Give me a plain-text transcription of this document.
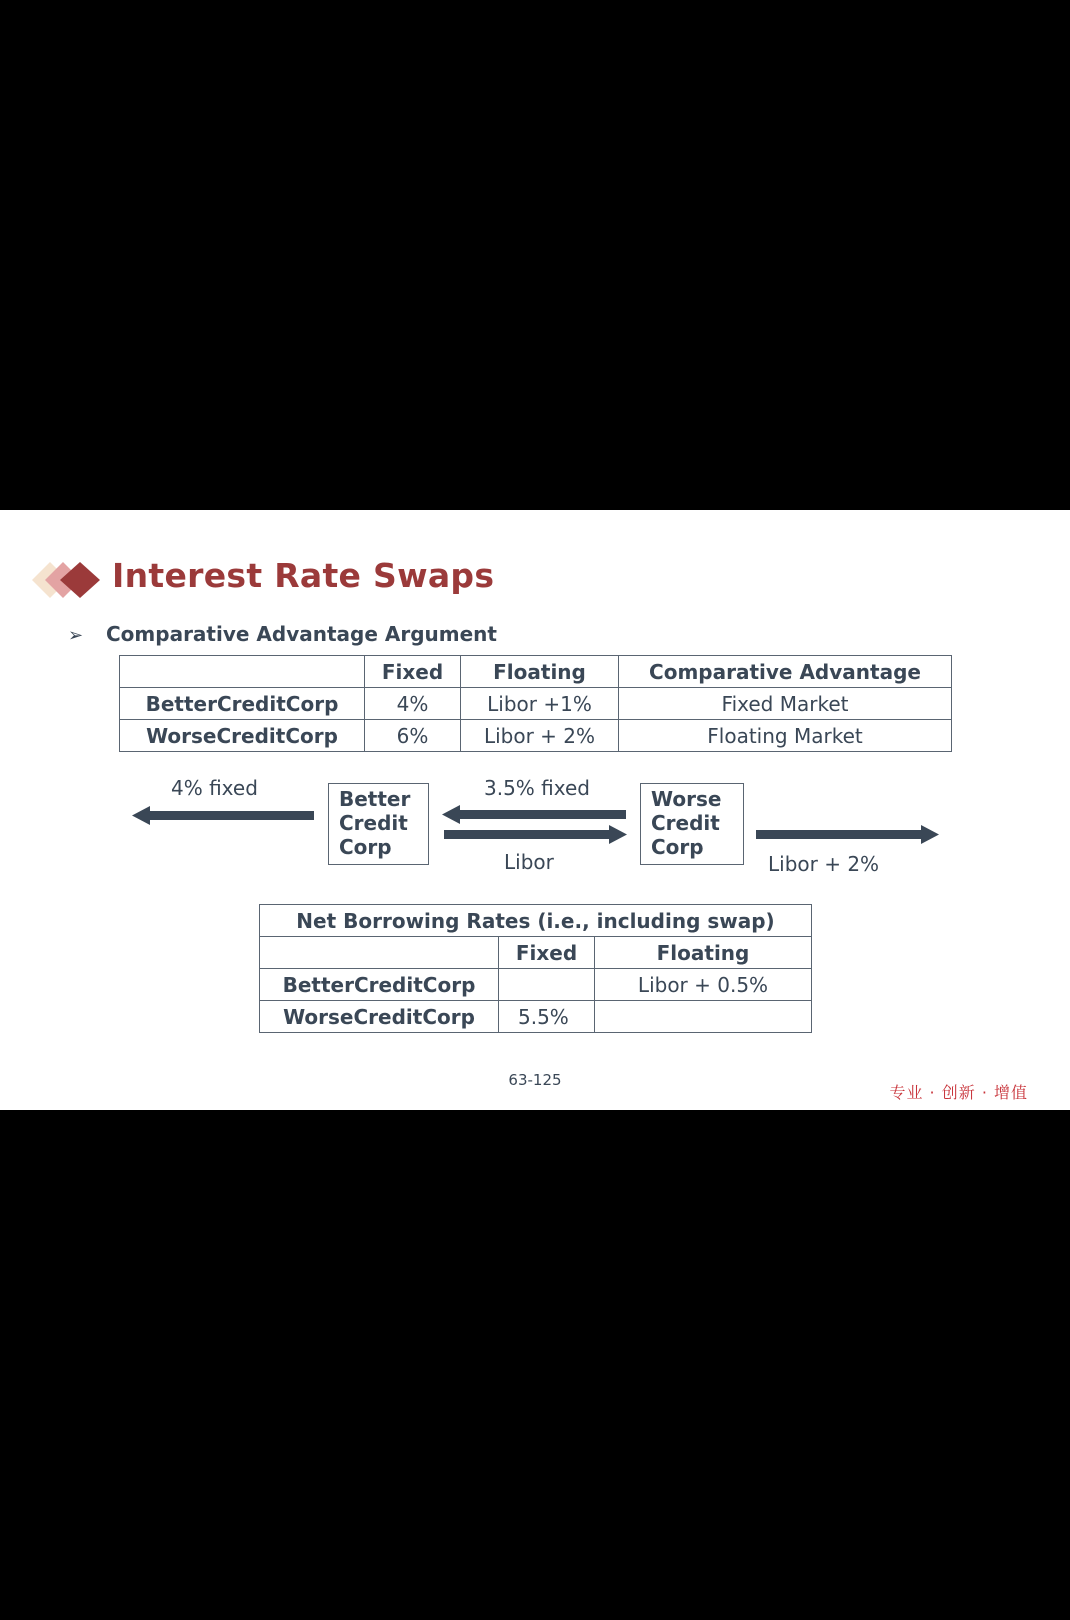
Interest Rate Swaps
➢ Comparative Advantage Argument
	Fixed	Floating	Comparative Advantage
BetterCreditCorp	4%	Libor +1%	Fixed Market
WorseCreditCorp	6%	Libor + 2%	Floating Market
4% fixed	Better
Credit
Corp
3.5% fixed
Libor
Worse
Credit
Corp
Libor + 2%
Net Borrowing Rates (i.e., including swap)		
	Fixed	Floating
BetterCreditCorp		Libor + 0.5%
WorseCreditCorp	5.5%	
63-125
专业 · 创新 · 增值
